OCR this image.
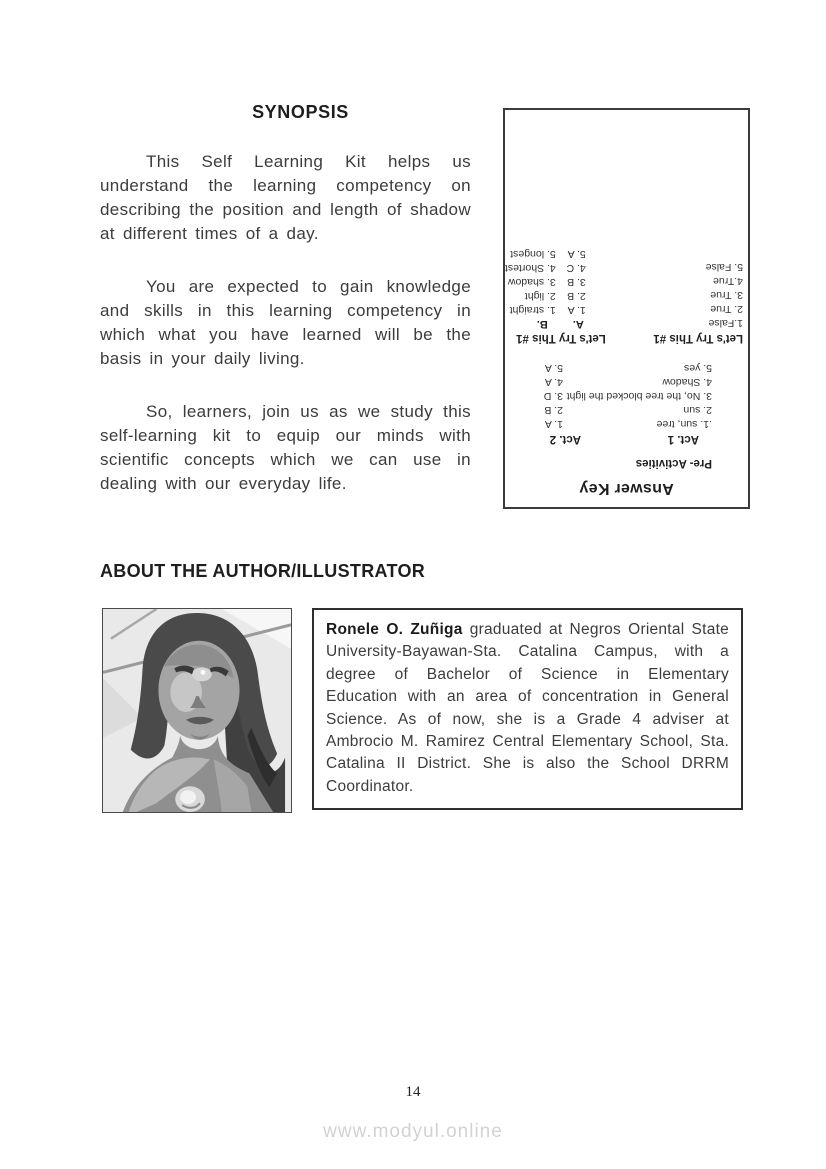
SYNOPSIS

This Self Learning Kit helps us understand the learning competency on describing the position and length of shadow at different times of a day.

You are expected to gain knowledge and skills in this learning competency in which what you have learned will be the basis in your daily living.

So, learners, join us as we study this self-learning kit to equip our minds with scientific concepts which we can use in dealing with our everyday life.	Answer Key
Pre- Activities
Act. 1
.1. sun, tree
2. sun
3. No, the tree blocked the light
4. Shadow
5. yes
Act. 2
1. A
2. B
3. D
4. A
5. A
Let's Try This #1
1.False
2. True
3. True
4.True
5. False
Let's Try This #1
A.
1. A
2. B
3. B
4. C
5. A
B.
1. straight
2. light
3. shadow
4. Shortest
5. longest
ABOUT THE AUTHOR/ILLUSTRATOR

Ronele O. Zuñiga graduated at Negros Oriental State University-Bayawan-Sta. Catalina Campus, with a degree of Bachelor of Science in Elementary Education with an area of concentration in General Science. As of now, she is a Grade 4 adviser at Ambrocio M. Ramirez Central Elementary School, Sta. Catalina II District. She is also the School DRRM Coordinator.

14
www.modyul.online
